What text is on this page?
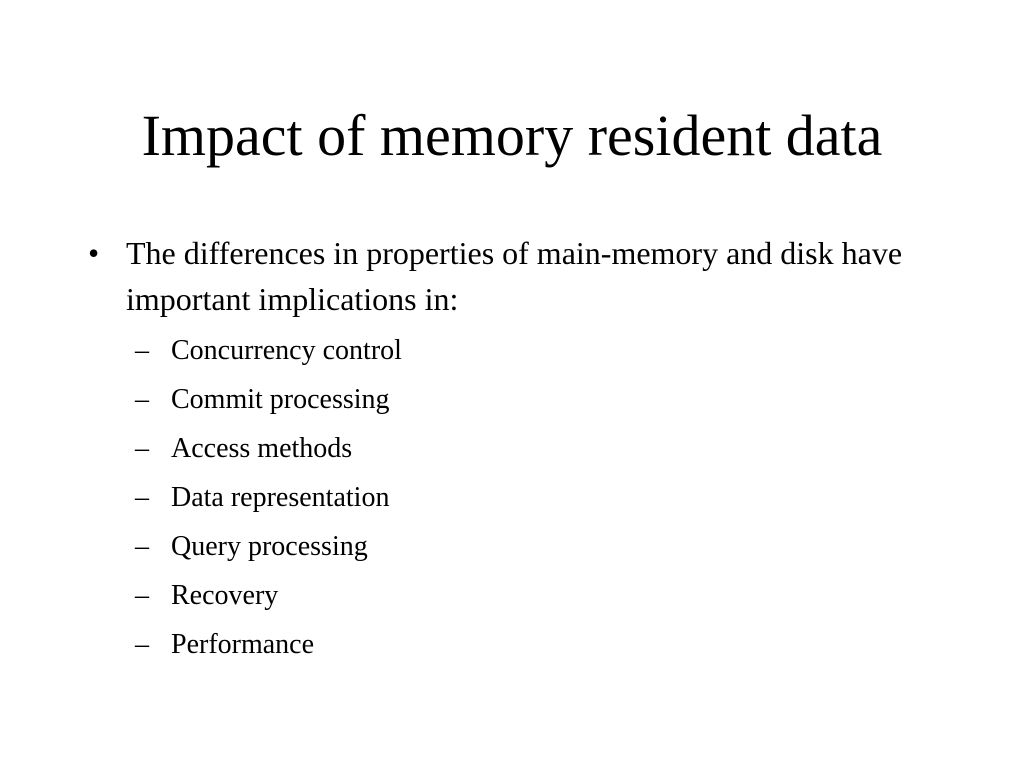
Impact of memory resident data
• The differences in properties of main-memory and disk have important implications in:
– Concurrency control
– Commit processing
– Access methods
– Data representation
– Query processing
– Recovery
– Performance
